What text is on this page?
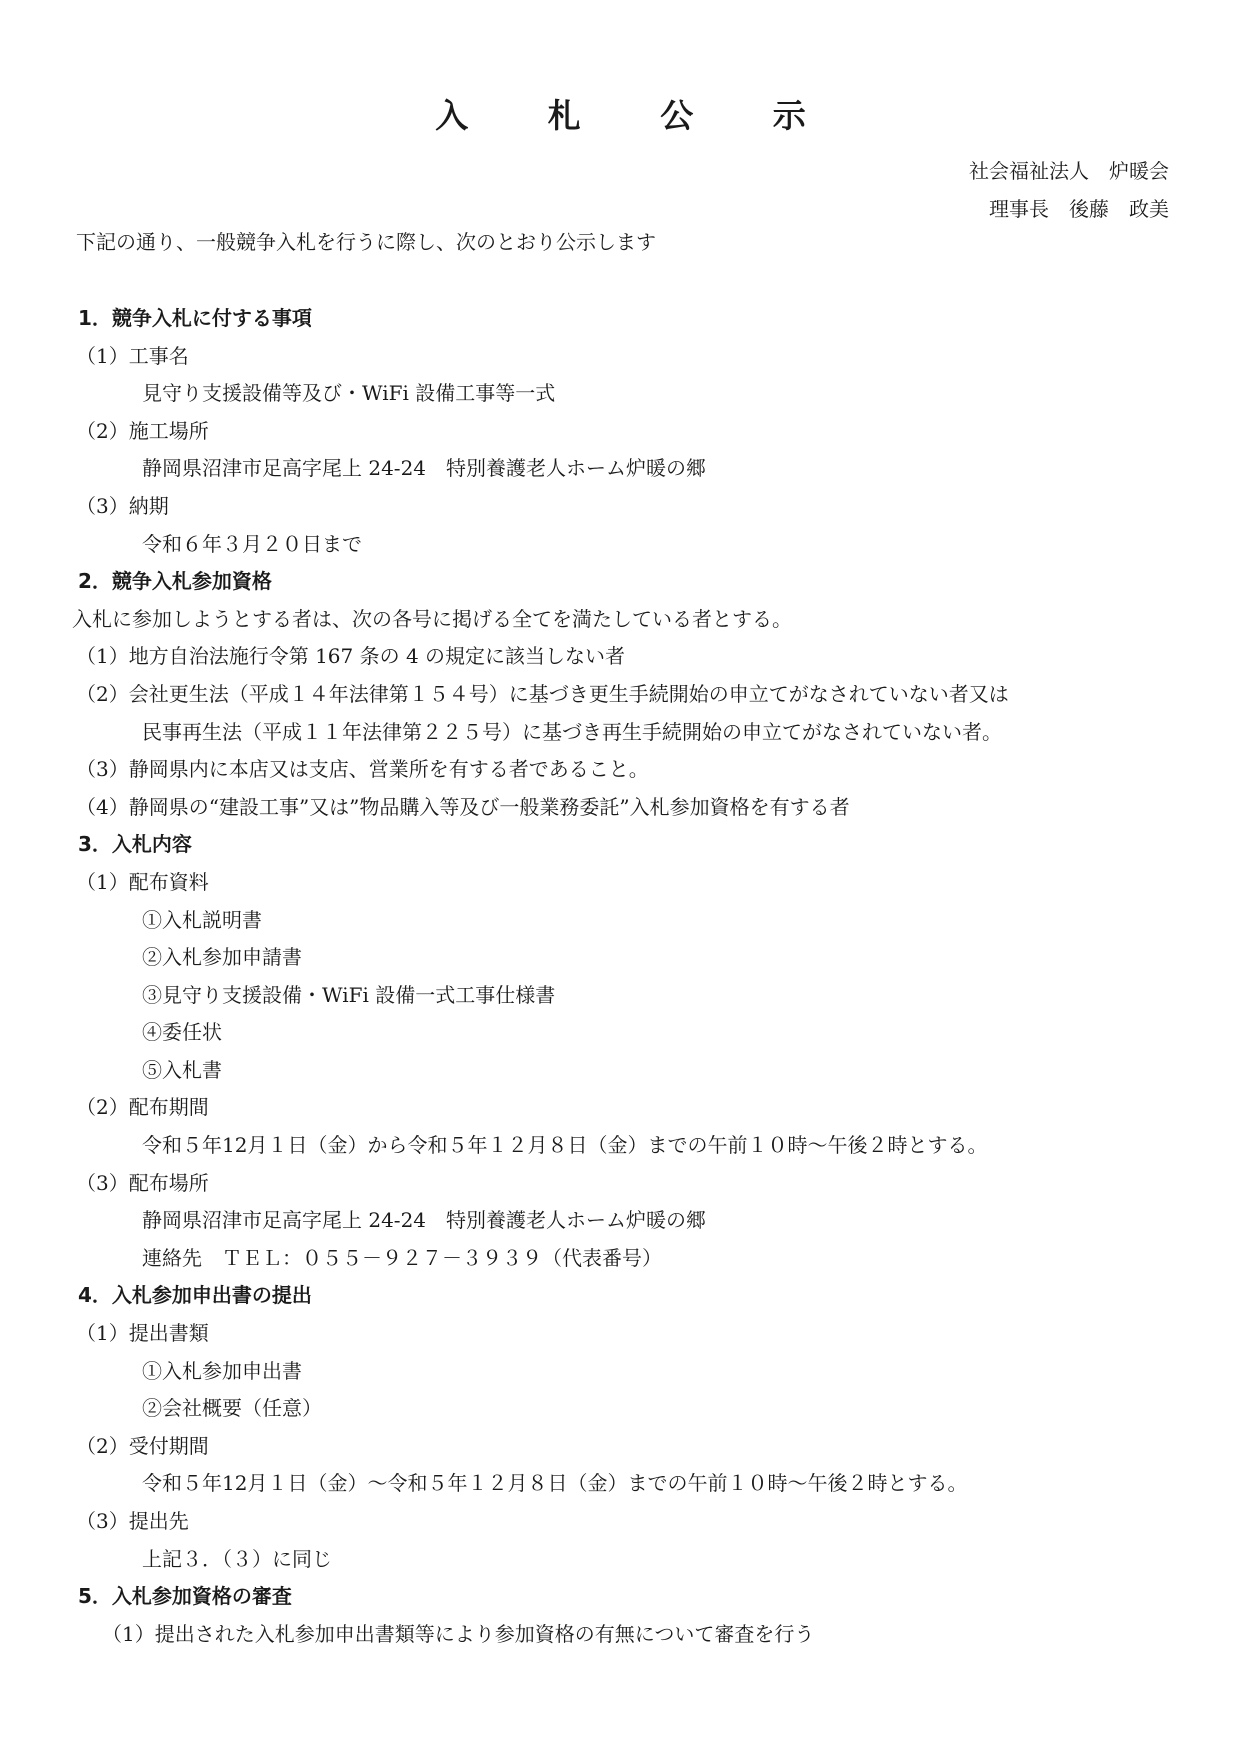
入 札 公 示
社会福祉法人　炉暖会
理事長　後藤　政美
下記の通り、一般競争入札を行うに際し、次のとおり公示します
1．競争入札に付する事項
（1）工事名
見守り支援設備等及び・WiFi 設備工事等一式
（2）施工場所
静岡県沼津市足高字尾上 24-24　特別養護老人ホーム炉暖の郷
（3）納期
令和６年３月２０日まで
2．競争入札参加資格
入札に参加しようとする者は、次の各号に掲げる全てを満たしている者とする。
（1）地方自治法施行令第 167 条の 4 の規定に該当しない者
（2）会社更生法（平成１４年法律第１５４号）に基づき更生手続開始の申立てがなされていない者又は
民事再生法（平成１１年法律第２２５号）に基づき再生手続開始の申立てがなされていない者。
（3）静岡県内に本店又は支店、営業所を有する者であること。
（4）静岡県の“建設工事”又は”物品購入等及び一般業務委託”入札参加資格を有する者
3．入札内容
（1）配布資料
①入札説明書
②入札参加申請書
③見守り支援設備・WiFi 設備一式工事仕様書
④委任状
⑤入札書
（2）配布期間
令和５年12月１日（金）から令和５年１２月８日（金）までの午前１０時～午後２時とする。
（3）配布場所
静岡県沼津市足高字尾上 24-24　特別養護老人ホーム炉暖の郷
連絡先　ＴＥＬ：０５５－９２７－３９３９（代表番号）
4．入札参加申出書の提出
（1）提出書類
①入札参加申出書
②会社概要（任意）
（2）受付期間
令和５年12月１日（金）～令和５年１２月８日（金）までの午前１０時～午後２時とする。
（3）提出先
上記３．（３）に同じ
5．入札参加資格の審査
（1）提出された入札参加申出書類等により参加資格の有無について審査を行う
